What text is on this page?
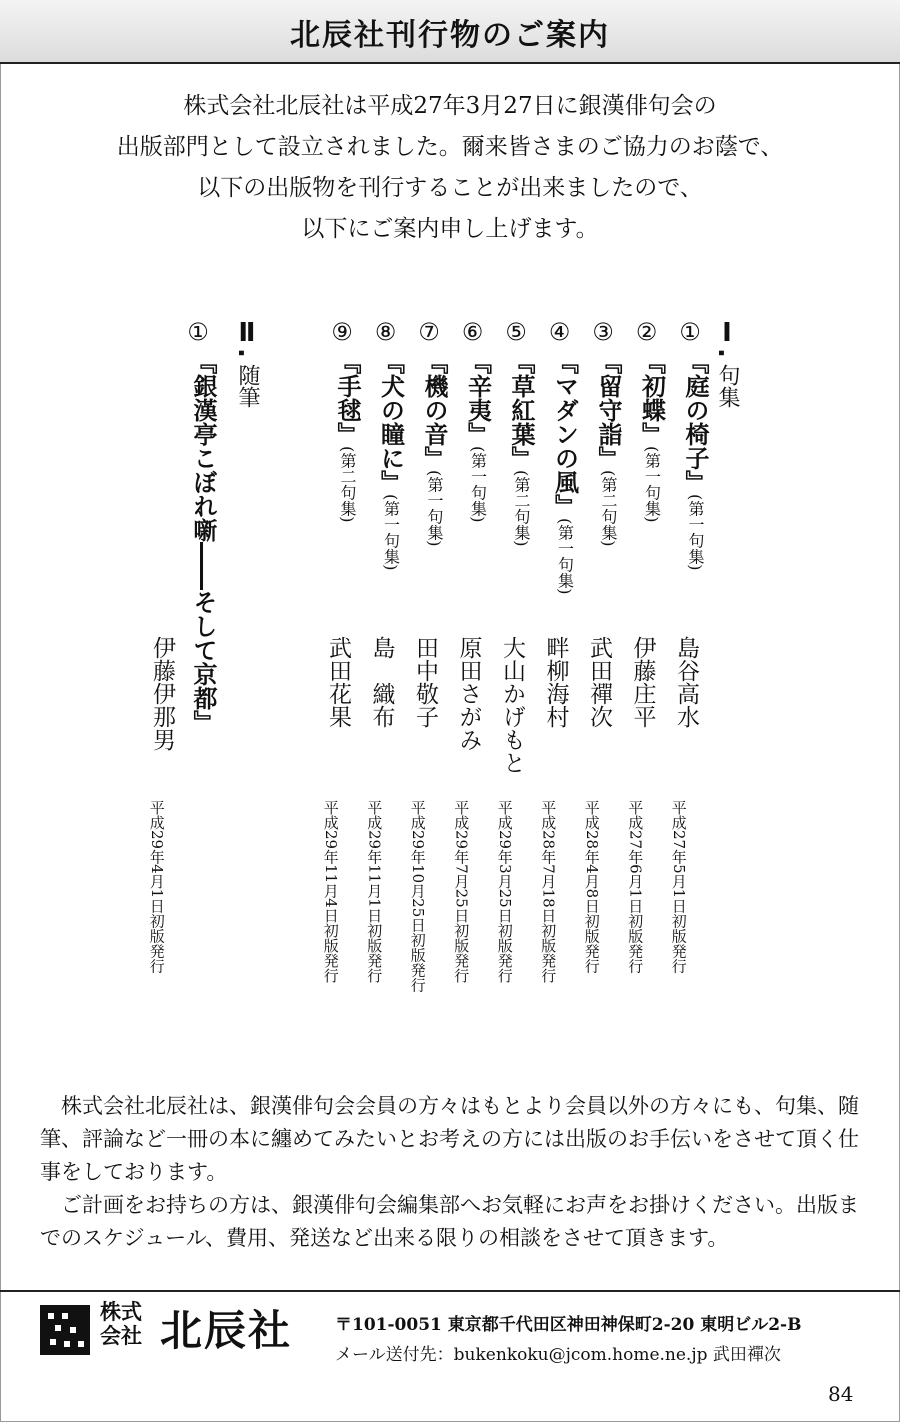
北辰社刊行物のご案内
株式会社北辰社は平成27年3月27日に銀漢俳句会の
出版部門として設立されました。爾来皆さまのご協力のお蔭で、
以下の出版物を刊行することが出来ましたので、
以下にご案内申し上げます。
Ⅰ.句集
①
『庭の椅子』(第一句集)
島谷高水
平成27年5月1日初版発行
②
『初蝶』(第一句集)
伊藤庄平
平成27年6月1日初版発行
③
『留守詣』(第二句集)
武田禪次
平成28年4月8日初版発行
④
『マダンの風』(第一句集)
畔柳海村
平成28年7月18日初版発行
⑤
『草紅葉』(第二句集)
大山かげもと
平成29年3月25日初版発行
⑥
『辛夷』(第一句集)
原田さがみ
平成29年7月25日初版発行
⑦
『機の音』(第一句集)
田中敬子
平成29年10月25日初版発行
⑧
『犬の瞳に』(第一句集)
島　織布
平成29年11月1日初版発行
⑨
『手毬』(第二句集)
武田花果
平成29年11月4日初版発行
Ⅱ.随筆
①
『銀漢亭こぼれ噺――そして京都』
伊藤伊那男
平成29年4月1日初版発行

株式会社北辰社は、銀漢俳句会会員の方々はもとより会員以外の方々にも、句集、随筆、評論など一冊の本に纏めてみたいとお考えの方には出版のお手伝いをさせて頂く仕事をしております。

ご計画をお持ちの方は、銀漢俳句会編集部へお気軽にお声をお掛けください。出版までのスケジュール、費用、発送など出来る限りの相談をさせて頂きます。

株式
会社 北辰社	〒101-0051 東京都千代田区神田神保町2-20 東明ビル2-B
メール送付先：bukenkoku@jcom.home.ne.jp 武田禪次
84
